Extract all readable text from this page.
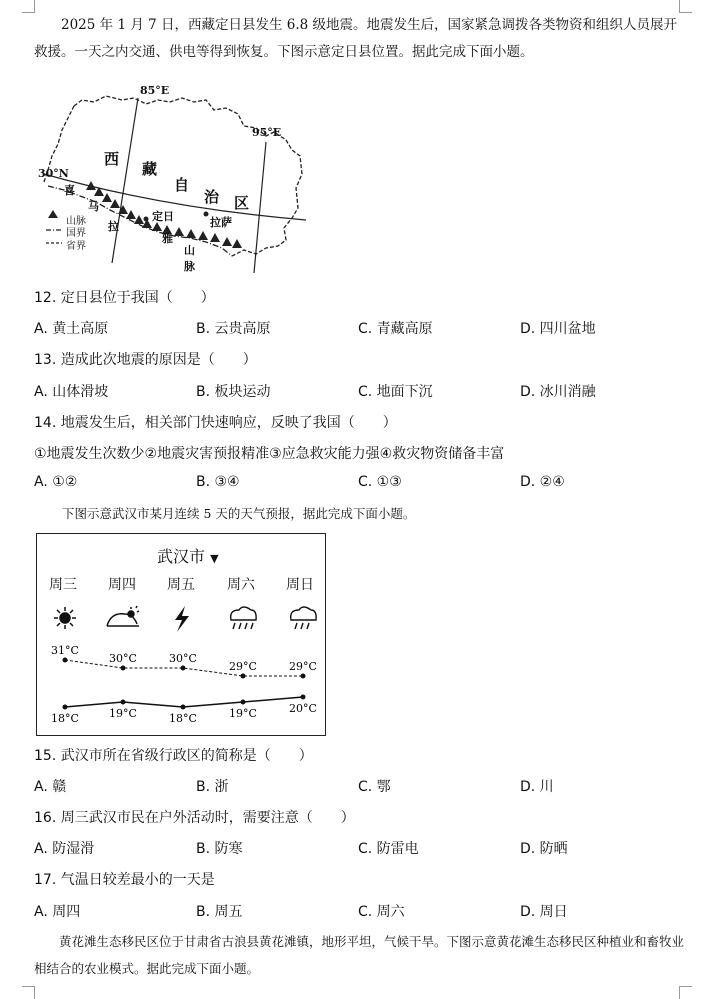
2025 年 1 月 7 日，西藏定日县发生 6.8 级地震。地震发生后，国家紧急调拨各类物资和组织人员展开救援。一天之内交通、供电等得到恢复。下图示意定日县位置。据此完成下面小题。
85°E
95°E
30°N
西
藏
自
治 区
喜
马
拉
雅
山
脉
定日	拉萨
山脉
国界
省界
12. 定日县位于我国（　　）
A. 黄土高原	B. 云贵高原	C. 青藏高原	D. 四川盆地
13. 造成此次地震的原因是（　　）
A. 山体滑坡	B. 板块运动	C. 地面下沉	D. 冰川消融
14. 地震发生后，相关部门快速响应，反映了我国（　　）
①地震发生次数少②地震灾害预报精准③应急救灾能力强④救灾物资储备丰富
A. ①②	B. ③④	C. ①③	D. ②④
下图示意武汉市某月连续 5 天的天气预报，据此完成下面小题。
武汉市 ▼
周三 周四 周五 周六 周日
31°C
30°C	30°C
29°C	29°C
18°C	19°C	18°C	19°C	20°C
15. 武汉市所在省级行政区的简称是（　　）
A. 赣	B. 浙	C. 鄂	D. 川
16. 周三武汉市民在户外活动时，需要注意（　　）
A. 防湿滑	B. 防寒	C. 防雷电	D. 防晒
17. 气温日较差最小的一天是
A. 周四	B. 周五	C. 周六	D. 周日
黄花滩生态移民区位于甘肃省古浪县黄花滩镇，地形平坦，气候干旱。下图示意黄花滩生态移民区种植业和畜牧业相结合的农业模式。据此完成下面小题。
